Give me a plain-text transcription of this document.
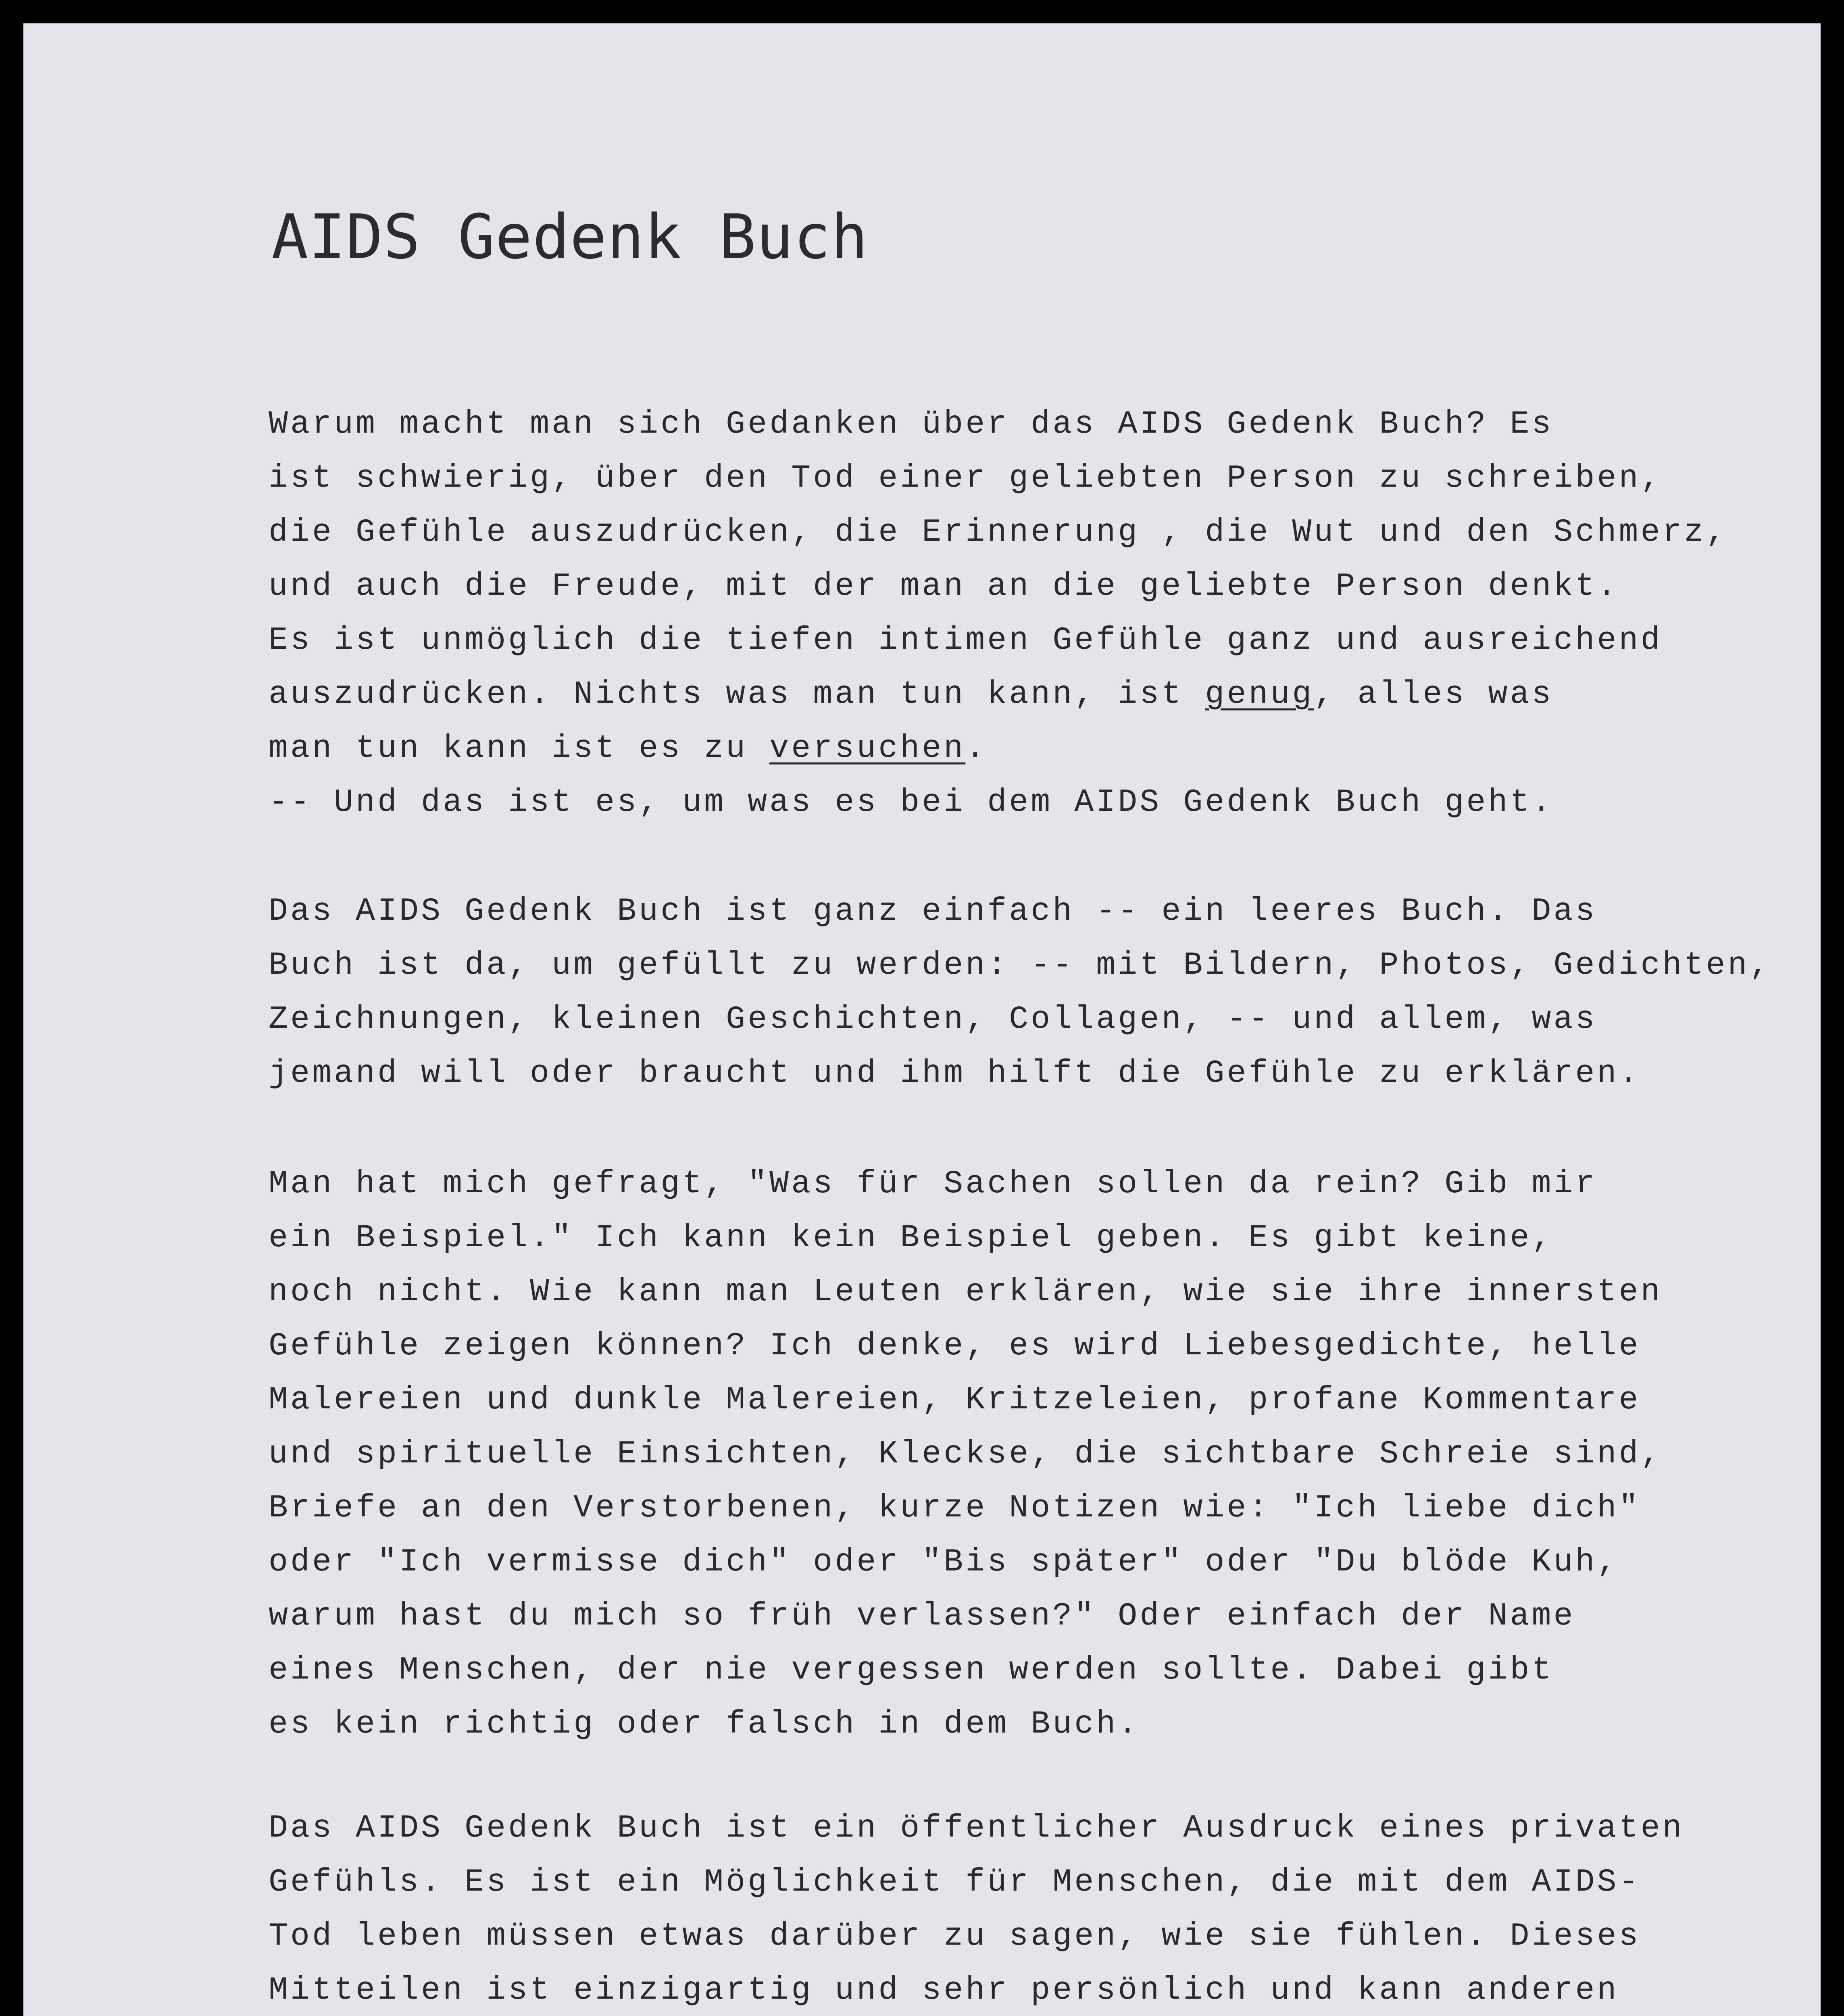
AIDS Gedenk Buch
Warum macht man sich Gedanken über das AIDS Gedenk Buch? Es
ist schwierig, über den Tod einer geliebten Person zu schreiben,
die Gefühle auszudrücken, die Erinnerung , die Wut und den Schmerz,
und auch die Freude, mit der man an die geliebte Person denkt.
Es ist unmöglich die tiefen intimen Gefühle ganz und ausreichend
auszudrücken. Nichts was man tun kann, ist genug, alles was
man tun kann ist es zu versuchen.
-- Und das ist es, um was es bei dem AIDS Gedenk Buch geht.
Das AIDS Gedenk Buch ist ganz einfach -- ein leeres Buch. Das
Buch ist da, um gefüllt zu werden: -- mit Bildern, Photos, Gedichten,
Zeichnungen, kleinen Geschichten, Collagen, -- und allem, was
jemand will oder braucht und ihm hilft die Gefühle zu erklären.
Man hat mich gefragt, "Was für Sachen sollen da rein? Gib mir
ein Beispiel." Ich kann kein Beispiel geben. Es gibt keine,
noch nicht. Wie kann man Leuten erklären, wie sie ihre innersten
Gefühle zeigen können? Ich denke, es wird Liebesgedichte, helle
Malereien und dunkle Malereien, Kritzeleien, profane Kommentare
und spirituelle Einsichten, Kleckse, die sichtbare Schreie sind,
Briefe an den Verstorbenen, kurze Notizen wie: "Ich liebe dich"
oder "Ich vermisse dich" oder "Bis später" oder "Du blöde Kuh,
warum hast du mich so früh verlassen?" Oder einfach der Name
eines Menschen, der nie vergessen werden sollte. Dabei gibt
es kein richtig oder falsch in dem Buch.
Das AIDS Gedenk Buch ist ein öffentlicher Ausdruck eines privaten
Gefühls. Es ist ein Möglichkeit für Menschen, die mit dem AIDS-
Tod leben müssen etwas darüber zu sagen, wie sie fühlen. Dieses
Mitteilen ist einzigartig und sehr persönlich und kann anderen
